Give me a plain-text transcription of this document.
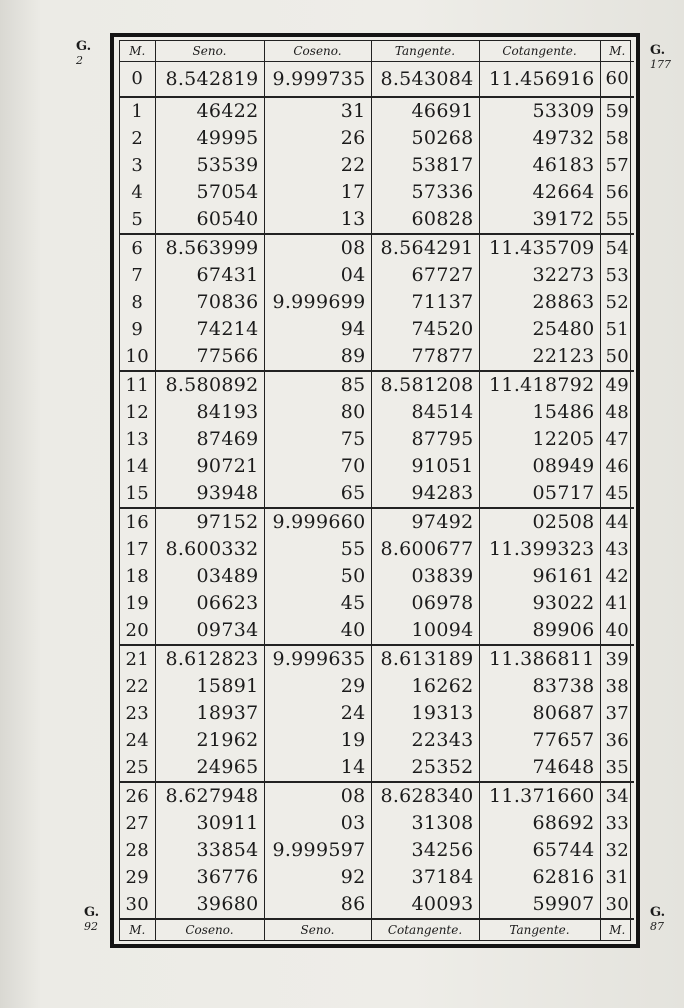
G.
2
G.
177
G.
92
G.
87
M.	Seno.	Coseno.	Tangente.	Cotangente.	M.
0	8.542819	9.999735	8.543084	11.456916	60
1	46422	31	46691	53309	59
2	49995	26	50268	49732	58
3	53539	22	53817	46183	57
4	57054	17	57336	42664	56
5	60540	13	60828	39172	55
6	8.563999	08	8.564291	11.435709	54
7	67431	04	67727	32273	53
8	70836	9.999699	71137	28863	52
9	74214	94	74520	25480	51
10	77566	89	77877	22123	50
11	8.580892	85	8.581208	11.418792	49
12	84193	80	84514	15486	48
13	87469	75	87795	12205	47
14	90721	70	91051	08949	46
15	93948	65	94283	05717	45
16	97152	9.999660	97492	02508	44
17	8.600332	55	8.600677	11.399323	43
18	03489	50	03839	96161	42
19	06623	45	06978	93022	41
20	09734	40	10094	89906	40
21	8.612823	9.999635	8.613189	11.386811	39
22	15891	29	16262	83738	38
23	18937	24	19313	80687	37
24	21962	19	22343	77657	36
25	24965	14	25352	74648	35
26	8.627948	08	8.628340	11.371660	34
27	30911	03	31308	68692	33
28	33854	9.999597	34256	65744	32
29	36776	92	37184	62816	31
30	39680	86	40093	59907	30
M.	Coseno.	Seno.	Cotangente.	Tangente.	M.
